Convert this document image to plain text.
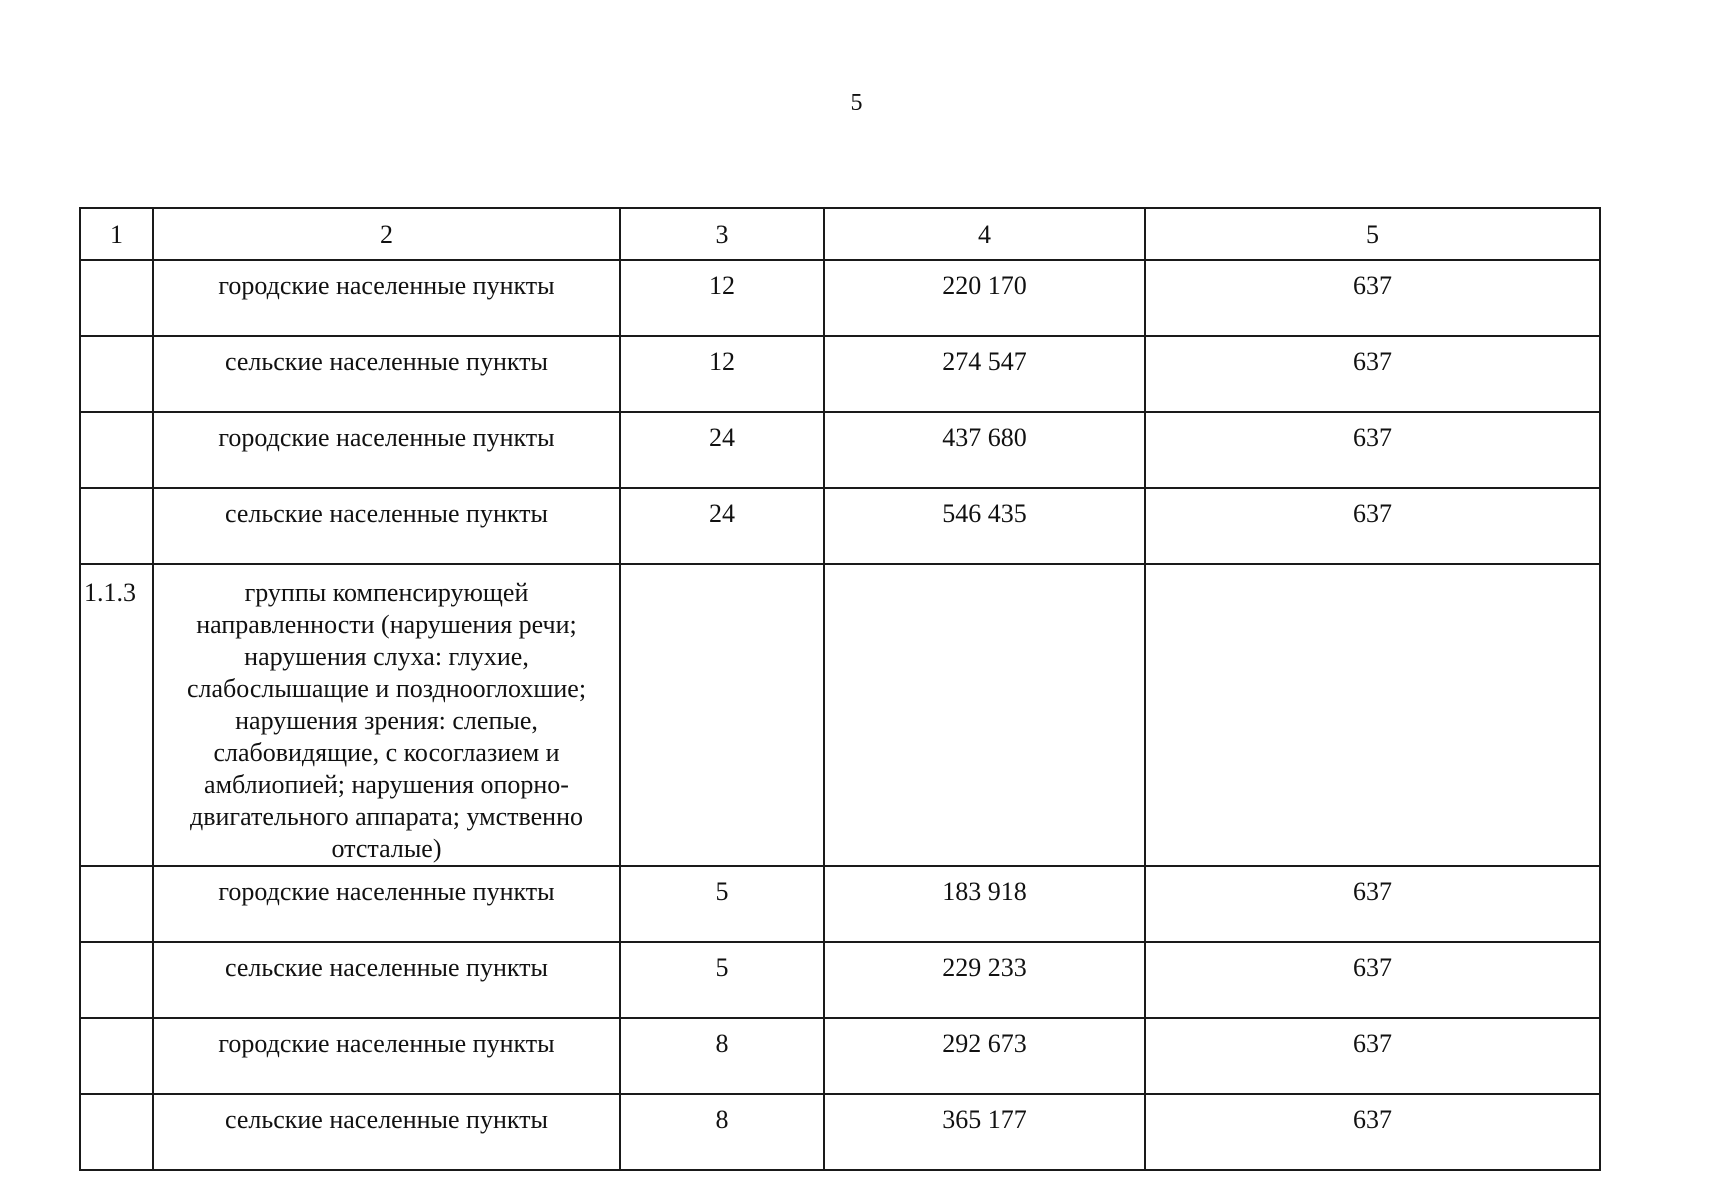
5
1	2	3	4	5
	городские населенные пункты	12	220 170	637
	сельские населенные пункты	12	274 547	637
	городские населенные пункты	24	437 680	637
	сельские населенные пункты	24	546 435	637
1.1.3	группы компенсирующей направленности (нарушения речи; нарушения слуха: глухие, слабослышащие и позднооглохшие; нарушения зрения: слепые, слабовидящие, с косоглазием и амблиопией; нарушения опорно-двигательного аппарата; умственно отсталые)			
	городские населенные пункты	5	183 918	637
	сельские населенные пункты	5	229 233	637
	городские населенные пункты	8	292 673	637
	сельские населенные пункты	8	365 177	637
